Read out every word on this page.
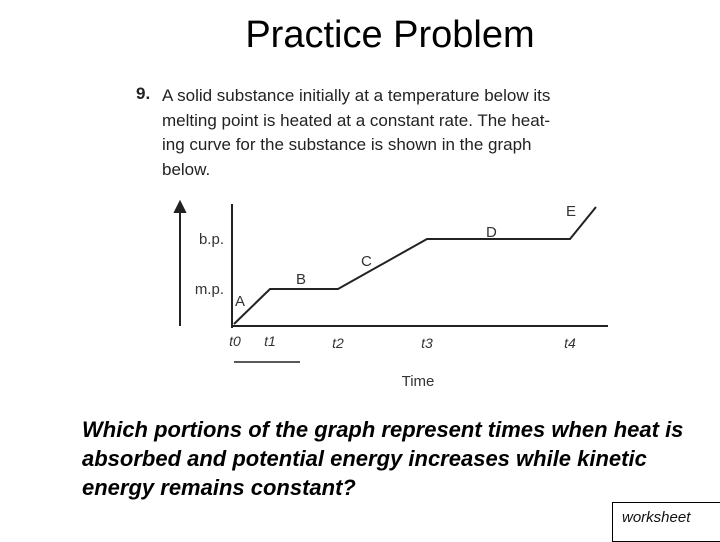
Practice Problem
9. A solid substance initially at a temperature below its
melting point is heated at a constant rate. The heat-
ing curve for the substance is shown in the graph
below.
m.p.
b.p.
t0 t1	t2	t3	t4
A
B
C
D
E
Time
Which portions of the graph represent times when heat is
absorbed and potential energy increases while kinetic
energy remains constant?
worksheet
